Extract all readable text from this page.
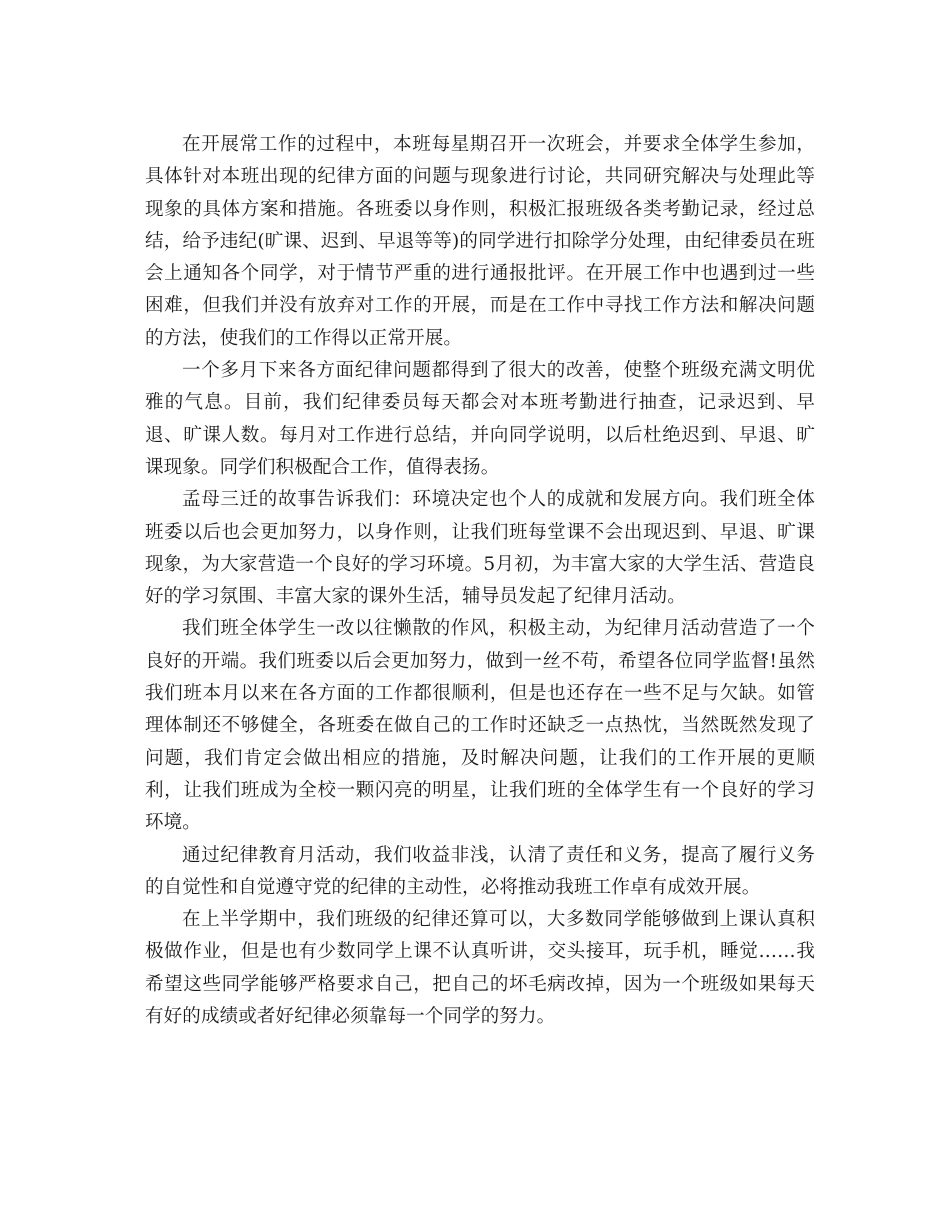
在开展常工作的过程中，本班每星期召开一次班会，并要求全体学生参加，具体针对本班出现的纪律方面的问题与现象进行讨论，共同研究解决与处理此等现象的具体方案和措施。各班委以身作则，积极汇报班级各类考勤记录，经过总结，给予违纪(旷课、迟到、早退等等)的同学进行扣除学分处理，由纪律委员在班会上通知各个同学，对于情节严重的进行通报批评。在开展工作中也遇到过一些困难，但我们并没有放弃对工作的开展，而是在工作中寻找工作方法和解决问题的方法，使我们的工作得以正常开展。

一个多月下来各方面纪律问题都得到了很大的改善，使整个班级充满文明优雅的气息。目前，我们纪律委员每天都会对本班考勤进行抽查，记录迟到、早退、旷课人数。每月对工作进行总结，并向同学说明，以后杜绝迟到、早退、旷课现象。同学们积极配合工作，值得表扬。

孟母三迁的故事告诉我们：环境决定也个人的成就和发展方向。我们班全体班委以后也会更加努力，以身作则，让我们班每堂课不会出现迟到、早退、旷课现象，为大家营造一个良好的学习环境。5月初，为丰富大家的大学生活、营造良好的学习氛围、丰富大家的课外生活，辅导员发起了纪律月活动。

我们班全体学生一改以往懒散的作风，积极主动，为纪律月活动营造了一个良好的开端。我们班委以后会更加努力，做到一丝不苟，希望各位同学监督!虽然我们班本月以来在各方面的工作都很顺利，但是也还存在一些不足与欠缺。如管理体制还不够健全，各班委在做自己的工作时还缺乏一点热忱，当然既然发现了问题，我们肯定会做出相应的措施，及时解决问题，让我们的工作开展的更顺利，让我们班成为全校一颗闪亮的明星，让我们班的全体学生有一个良好的学习环境。

通过纪律教育月活动，我们收益非浅，认清了责任和义务，提高了履行义务的自觉性和自觉遵守党的纪律的主动性，必将推动我班工作卓有成效开展。

在上半学期中，我们班级的纪律还算可以，大多数同学能够做到上课认真积极做作业，但是也有少数同学上课不认真听讲，交头接耳，玩手机，睡觉……我希望这些同学能够严格要求自己，把自己的坏毛病改掉，因为一个班级如果每天有好的成绩或者好纪律必须靠每一个同学的努力。
